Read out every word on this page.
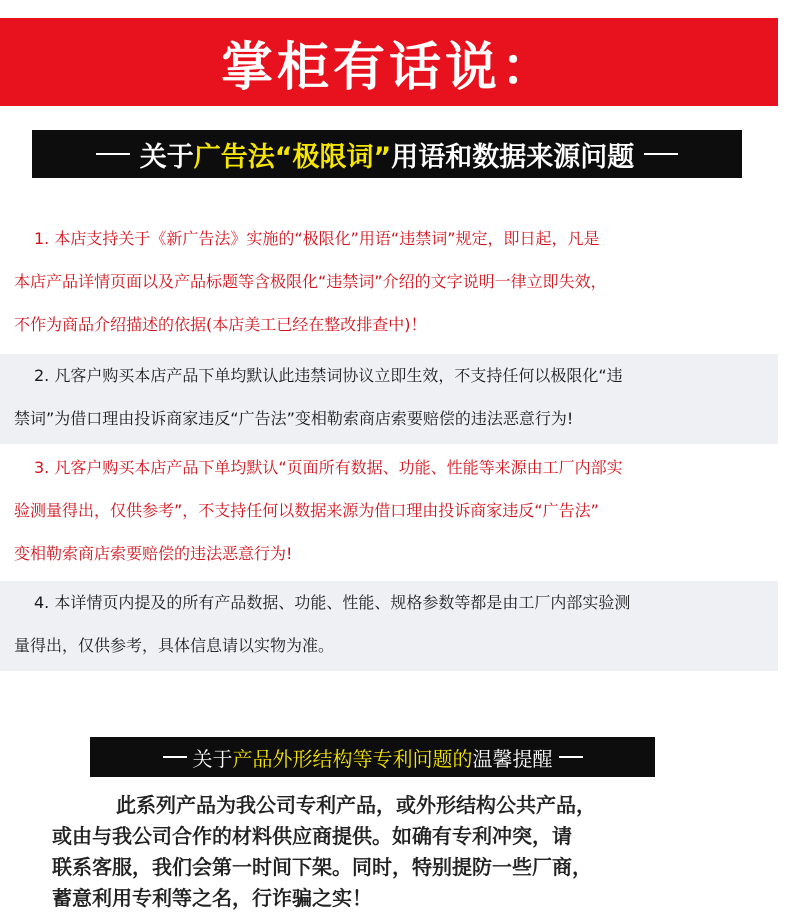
掌柜有话说：
关于 广告法“极限词” 用语和数据来源问题

1. 本店支持关于《新广告法》实施的“极限化”用语“违禁词”规定，即日起，凡是

本店产品详情页面以及产品标题等含极限化“违禁词”介绍的文字说明一律立即失效，

不作为商品介绍描述的依据(本店美工已经在整改排查中)！

2. 凡客户购买本店产品下单均默认此违禁词协议立即生效，不支持任何以极限化“违

禁词”为借口理由投诉商家违反“广告法”变相勒索商店索要赔偿的违法恶意行为!

3. 凡客户购买本店产品下单均默认“页面所有数据、功能、性能等来源由工厂内部实

验测量得出，仅供参考”，不支持任何以数据来源为借口理由投诉商家违反“广告法”

变相勒索商店索要赔偿的违法恶意行为!

4. 本详情页内提及的所有产品数据、功能、性能、规格参数等都是由工厂内部实验测

量得出，仅供参考，具体信息请以实物为准。

关于 产品外形结构等专利问题的 温馨提醒

此系列产品为我公司专利产品，或外形结构公共产品，

或由与我公司合作的材料供应商提供。如确有专利冲突，请

联系客服，我们会第一时间下架。同时，特别提防一些厂商，

蓄意利用专利等之名，行诈骗之实！
